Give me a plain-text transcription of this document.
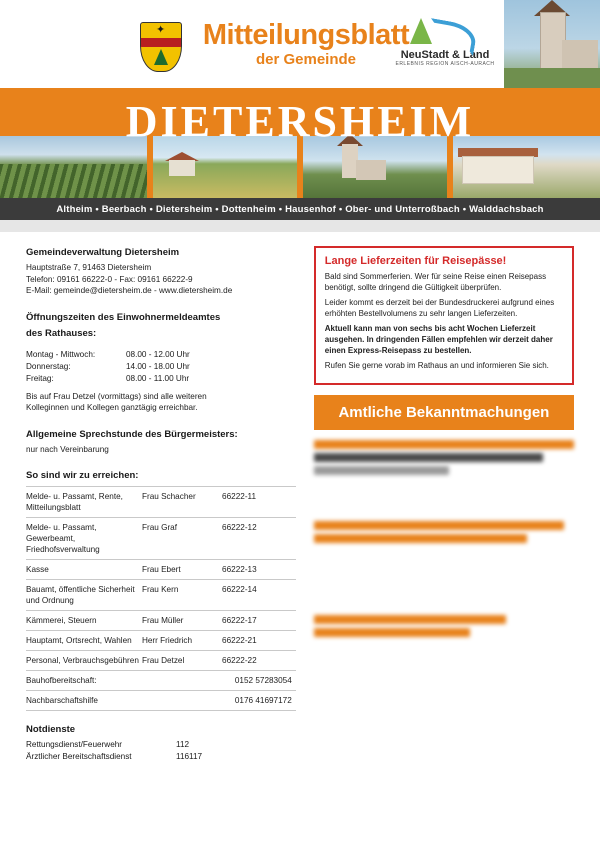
✦	Mitteilungsblatt
der Gemeinde	NeuStadt & Land
ERLEBNIS REGION AISCH-AURACH
DIETERSHEIM
Altheim • Beerbach • Dietersheim • Dottenheim • Hausenhof • Ober- und Unterroßbach • Walddachsbach
Gemeindeverwaltung Dietersheim

Hauptstraße 7, 91463 Dietersheim

Telefon: 09161 66222-0 - Fax: 09161 66222-9

E-Mail: gemeinde@dietersheim.de - www.dietersheim.de

Öffnungszeiten des Einwohnermeldeamtes
des Rathauses:
Montag - Mittwoch:	08.00 - 12.00 Uhr
Donnerstag:	14.00 - 18.00 Uhr
Freitag:	08.00 - 11.00 Uhr

Bis auf Frau Detzel (vormittags) sind alle weiteren

Kolleginnen und Kollegen ganztägig erreichbar.

Allgemeine Sprechstunde des Bürgermeisters:

nur nach Vereinbarung

So sind wir zu erreichen:
Melde- u. Passamt, Rente, Mitteilungsblatt	Frau Schacher	66222-11
Melde- u. Passamt, Gewerbeamt, Friedhofsverwaltung	Frau Graf	66222-12
Kasse	Frau Ebert	66222-13
Bauamt, öffentliche Sicherheit und Ordnung	Frau Kern	66222-14
Kämmerei, Steuern	Frau Müller	66222-17
Hauptamt, Ortsrecht, Wahlen	Herr Friedrich	66222-21
Personal, Verbrauchsgebühren	Frau Detzel	66222-22
Bauhofbereitschaft:		0152 57283054
Nachbarschaftshilfe		0176 41697172
Notdienste
Rettungsdienst/Feuerwehr	112
Ärztlicher Bereitschaftsdienst	116117
Lange Lieferzeiten für Reisepässe!

Bald sind Sommerferien. Wer für seine Reise einen Reisepass benötigt, sollte dringend die Gültigkeit überprüfen.

Leider kommt es derzeit bei der Bundesdruckerei aufgrund eines erhöhten Bestellvolumens zu sehr langen Lieferzeiten.

Aktuell kann man von sechs bis acht Wochen Lieferzeit ausgehen. In dringenden Fällen empfehlen wir derzeit daher einen Express-Reisepass zu bestellen.

Rufen Sie gerne vorab im Rathaus an und informieren Sie sich.

Amtliche Bekanntmachungen
